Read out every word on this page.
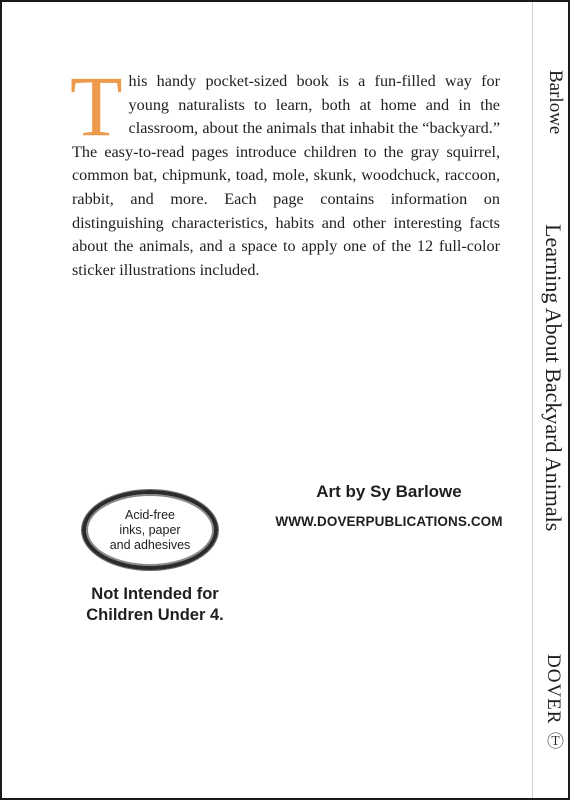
This handy pocket-sized book is a fun-filled way for young naturalists to learn, both at home and in the classroom, about the animals that inhabit the “backyard.” The easy-to-read pages introduce children to the gray squirrel, common bat, chipmunk, toad, mole, skunk, woodchuck, raccoon, rabbit, and more. Each page contains information on distinguishing characteristics, habits and other interesting facts about the animals, and a space to apply one of the 12 full-color sticker illustrations included.

Acid-free
inks, paper
and adhesives
Not Intended for
Children Under 4.
Art by Sy Barlowe
WWW.DOVERPUBLICATIONS.COM
Barlowe
Learning About Backyard Animals
DOVER Ⓣ
